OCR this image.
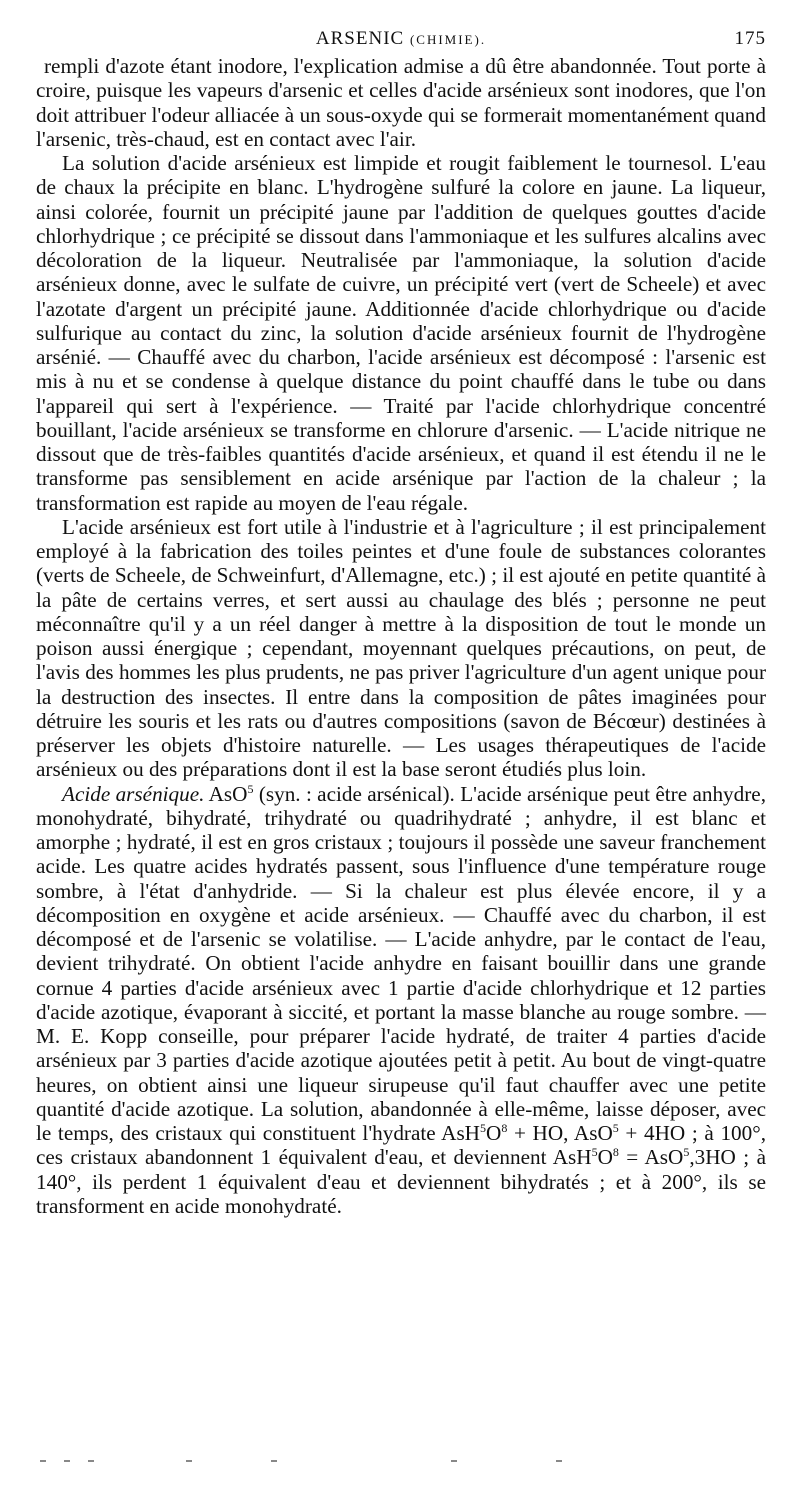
ARSENIC (CHIMIE).	175

rempli d'azote étant inodore, l'explication admise a dû être abandonnée. Tout porte à croire, puisque les vapeurs d'arsenic et celles d'acide arsénieux sont inodores, que l'on doit attribuer l'odeur alliacée à un sous-oxyde qui se formerait momentanément quand l'arsenic, très-chaud, est en contact avec l'air.

La solution d'acide arsénieux est limpide et rougit faiblement le tournesol. L'eau de chaux la précipite en blanc. L'hydrogène sulfuré la colore en jaune. La liqueur, ainsi colorée, fournit un précipité jaune par l'addition de quelques gouttes d'acide chlorhydrique ; ce précipité se dissout dans l'ammoniaque et les sulfures alcalins avec décoloration de la liqueur. Neutralisée par l'ammoniaque, la solution d'acide arsénieux donne, avec le sulfate de cuivre, un précipité vert (vert de Scheele) et avec l'azotate d'argent un précipité jaune. Additionnée d'acide chlorhydrique ou d'acide sulfurique au contact du zinc, la solution d'acide arsénieux fournit de l'hydrogène arsénié. — Chauffé avec du charbon, l'acide arsénieux est décomposé : l'arsenic est mis à nu et se condense à quelque distance du point chauffé dans le tube ou dans l'appareil qui sert à l'expérience. — Traité par l'acide chlorhydrique concentré bouillant, l'acide arsénieux se transforme en chlorure d'arsenic. — L'acide nitrique ne dissout que de très-faibles quantités d'acide arsénieux, et quand il est étendu il ne le transforme pas sensiblement en acide arsénique par l'action de la chaleur ; la transformation est rapide au moyen de l'eau régale.

L'acide arsénieux est fort utile à l'industrie et à l'agriculture ; il est principalement employé à la fabrication des toiles peintes et d'une foule de substances colorantes (verts de Scheele, de Schweinfurt, d'Allemagne, etc.) ; il est ajouté en petite quantité à la pâte de certains verres, et sert aussi au chaulage des blés ; personne ne peut méconnaître qu'il y a un réel danger à mettre à la disposition de tout le monde un poison aussi énergique ; cependant, moyennant quelques précautions, on peut, de l'avis des hommes les plus prudents, ne pas priver l'agriculture d'un agent unique pour la destruction des insectes. Il entre dans la composition de pâtes imaginées pour détruire les souris et les rats ou d'autres compositions (savon de Bécœur) destinées à préserver les objets d'histoire naturelle. — Les usages thérapeutiques de l'acide arsénieux ou des préparations dont il est la base seront étudiés plus loin.

Acide arsénique. AsO$^5$ (syn. : acide arsénical). L'acide arsénique peut être anhydre, monohydraté, bihydraté, trihydraté ou quadrihydraté ; anhydre, il est blanc et amorphe ; hydraté, il est en gros cristaux ; toujours il possède une saveur franchement acide. Les quatre acides hydratés passent, sous l'influence d'une température rouge sombre, à l'état d'anhydride. — Si la chaleur est plus élevée encore, il y a décomposition en oxygène et acide arsénieux. — Chauffé avec du charbon, il est décomposé et de l'arsenic se volatilise. — L'acide anhydre, par le contact de l'eau, devient trihydraté. On obtient l'acide anhydre en faisant bouillir dans une grande cornue 4 parties d'acide arsénieux avec 1 partie d'acide chlorhydrique et 12 parties d'acide azotique, évaporant à siccité, et portant la masse blanche au rouge sombre. — M. E. Kopp conseille, pour préparer l'acide hydraté, de traiter 4 parties d'acide arsénieux par 3 parties d'acide azotique ajoutées petit à petit. Au bout de vingt-quatre heures, on obtient ainsi une liqueur sirupeuse qu'il faut chauffer avec une petite quantité d'acide azotique. La solution, abandonnée à elle-même, laisse déposer, avec le temps, des cristaux qui constituent l'hydrate $AsH^5O^8$ + HO, AsO$^5$ + 4HO ; à 100°, ces cristaux abandonnent 1 équivalent d'eau, et deviennent $AsH^5O^8 = AsO^5,3HO$ ; à 140°, ils perdent 1 équivalent d'eau et deviennent bihydratés ; et à 200°, ils se transforment en acide monohydraté.
